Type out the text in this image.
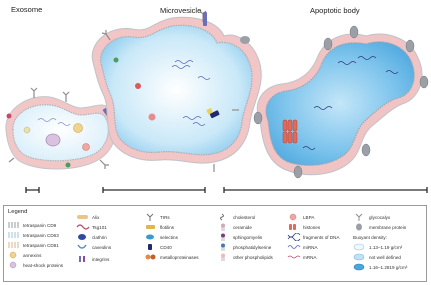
Exosome	Microvesicle	Apoptotic body
Legend
tetraspanin CD9
tetraspanin CD63
tetraspanin CD81
annexins
heat-shock proteins
Alix
Tsg101
clathrin
caveolins
integrins
TIRs
flotilins
selectins
CD40
metalloproteinases
cholesterol
ceramide
sphingomyelin
phosphatidylserine
other phospholipids
LBPA
histones
fragments of DNA
miRNA
mRNA
glycocalyx
membrane protein
Buoyant density:
1.13–1.19 g/cm³
not well defined
1.16–1.2819 g/cm³
